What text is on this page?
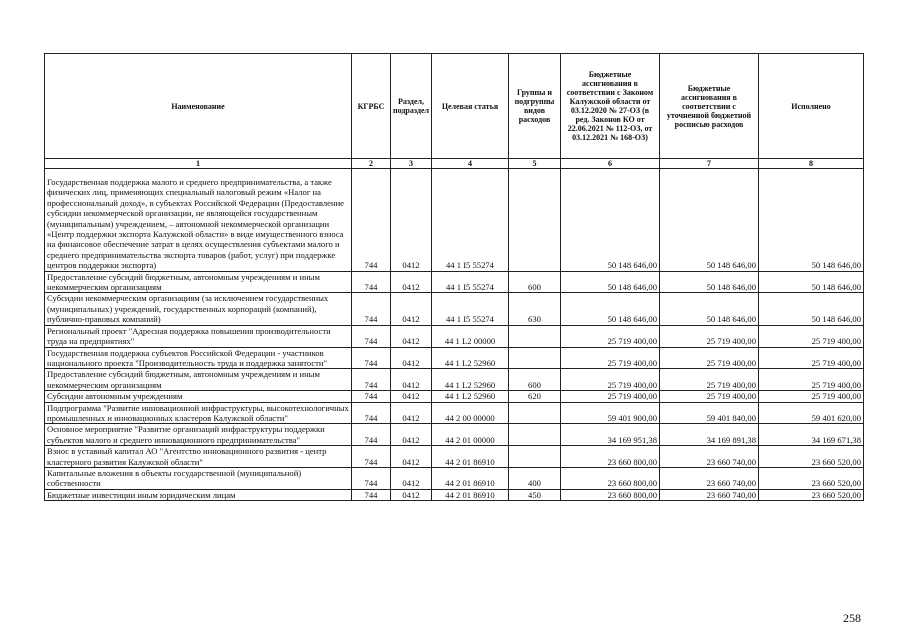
Наименование	КГРБС	Раздел, подраздел	Целевая статья	Группы и подгруппы видов расходов	Бюджетные ассигнования в соответствии с Законом Калужской области от 03.12.2020 № 27-ОЗ (в ред. Законов КО от 22.06.2021 № 112-ОЗ, от 03.12.2021 № 168-ОЗ)	Бюджетные ассигнования в соответствии с уточненной бюджетной росписью расходов	Исполнено
1	2	3	4	5	6	7	8
Государственная поддержка малого и среднего предпринимательства, а также физических лиц, применяющих специальный налоговый режим «Налог на профессиональный доход», в субъектах Российской Федерации (Предоставление субсидии некоммерческой организации, не являющейся государственным (муниципальным) учреждением, – автономной некоммерческой организации «Центр поддержки экспорта Калужской области» в виде имущественного взноса на финансовое обеспечение затрат в целях осуществления субъектами малого и среднего предпринимательства экспорта товаров (работ, услуг) при поддержке центров поддержки экспорта)	744	0412	44 1 I5 55274		50 148 646,00	50 148 646,00	50 148 646,00
Предоставление субсидий бюджетным, автономным учреждениям и иным некоммерческим организациям	744	0412	44 1 I5 55274	600	50 148 646,00	50 148 646,00	50 148 646,00
Субсидии некоммерческим организациям (за исключением государственных (муниципальных) учреждений, государственных корпораций (компаний), публично-правовых компаний)	744	0412	44 1 I5 55274	630	50 148 646,00	50 148 646,00	50 148 646,00
Региональный проект "Адресная поддержка повышения производительности труда на предприятиях"	744	0412	44 1 L2 00000		25 719 400,00	25 719 400,00	25 719 400,00
Государственная поддержка субъектов Российской Федерации - участников национального проекта "Производительность труда и поддержка занятости"	744	0412	44 1 L2 52960		25 719 400,00	25 719 400,00	25 719 400,00
Предоставление субсидий бюджетным, автономным учреждениям и иным некоммерческим организациям	744	0412	44 1 L2 52960	600	25 719 400,00	25 719 400,00	25 719 400,00
Субсидии автономным учреждениям	744	0412	44 1 L2 52960	620	25 719 400,00	25 719 400,00	25 719 400,00
Подпрограмма "Развитие инновационной инфраструктуры, высокотехнологичных промышленных и инновационных кластеров Калужской области"	744	0412	44 2 00 00000		59 401 900,00	59 401 840,00	59 401 620,00
Основное мероприятие "Развитие организаций инфраструктуры поддержки субъектов малого и среднего инновационного предпринимательства"	744	0412	44 2 01 00000		34 169 951,38	34 169 891,38	34 169 671,38
Взнос в уставный капитал АО "Агентство инновационного развития - центр кластерного развития Калужской области"	744	0412	44 2 01 86910		23 660 800,00	23 660 740,00	23 660 520,00
Капитальные вложения в объекты государственной (муниципальной) собственности	744	0412	44 2 01 86910	400	23 660 800,00	23 660 740,00	23 660 520,00
Бюджетные инвестиции иным юридическим лицам	744	0412	44 2 01 86910	450	23 660 800,00	23 660 740,00	23 660 520,00
258
